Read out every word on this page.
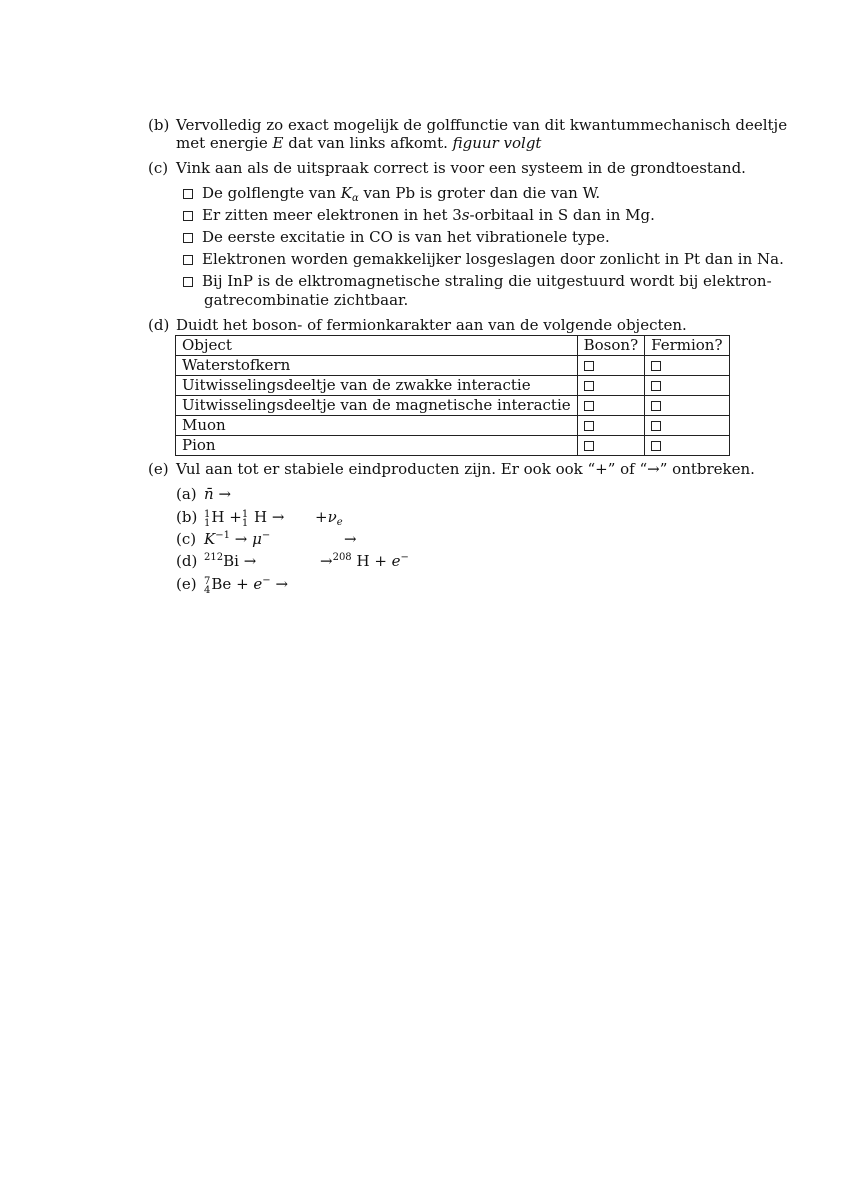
(b) Vervolledig zo exact mogelijk de golffunctie van dit kwantummechanisch deeltje
met energie E dat van links afkomt. figuur volgt
(c) Vink aan als de uitspraak correct is voor een systeem in de grondtoestand.
De golflengte van $K_\alpha$ van Pb is groter dan die van W.
Er zitten meer elektronen in het 3s-orbitaal in S dan in Mg.
De eerste excitatie in CO is van het vibrationele type.
Elektronen worden gemakkelijker losgeslagen door zonlicht in Pt dan in Na.
Bij InP is de elktromagnetische straling die uitgestuurd wordt bij elektron-
gatrecombinatie zichtbaar.
(d) Duidt het boson- of fermionkarakter aan van de volgende objecten.
Object	Boson?	Fermion?
Waterstofkern		
Uitwisselingsdeeltje van de zwakke interactie		
Uitwisselingsdeeltje van de magnetische interactie		
Muon		
Pion		
(e) Vul aan tot er stabiele eindproducten zijn. Er ook ook “+” of “→” ontbreken.
(a) n̄ →
(b) 1
1 H + 1
1 $H \to +\nu_e$
(c) $K^{-1} \to \mu^-$	→
(d) $^{212}$Bi →	→$^{208}$ H + e−
(e) 7
4 Be + e− →
